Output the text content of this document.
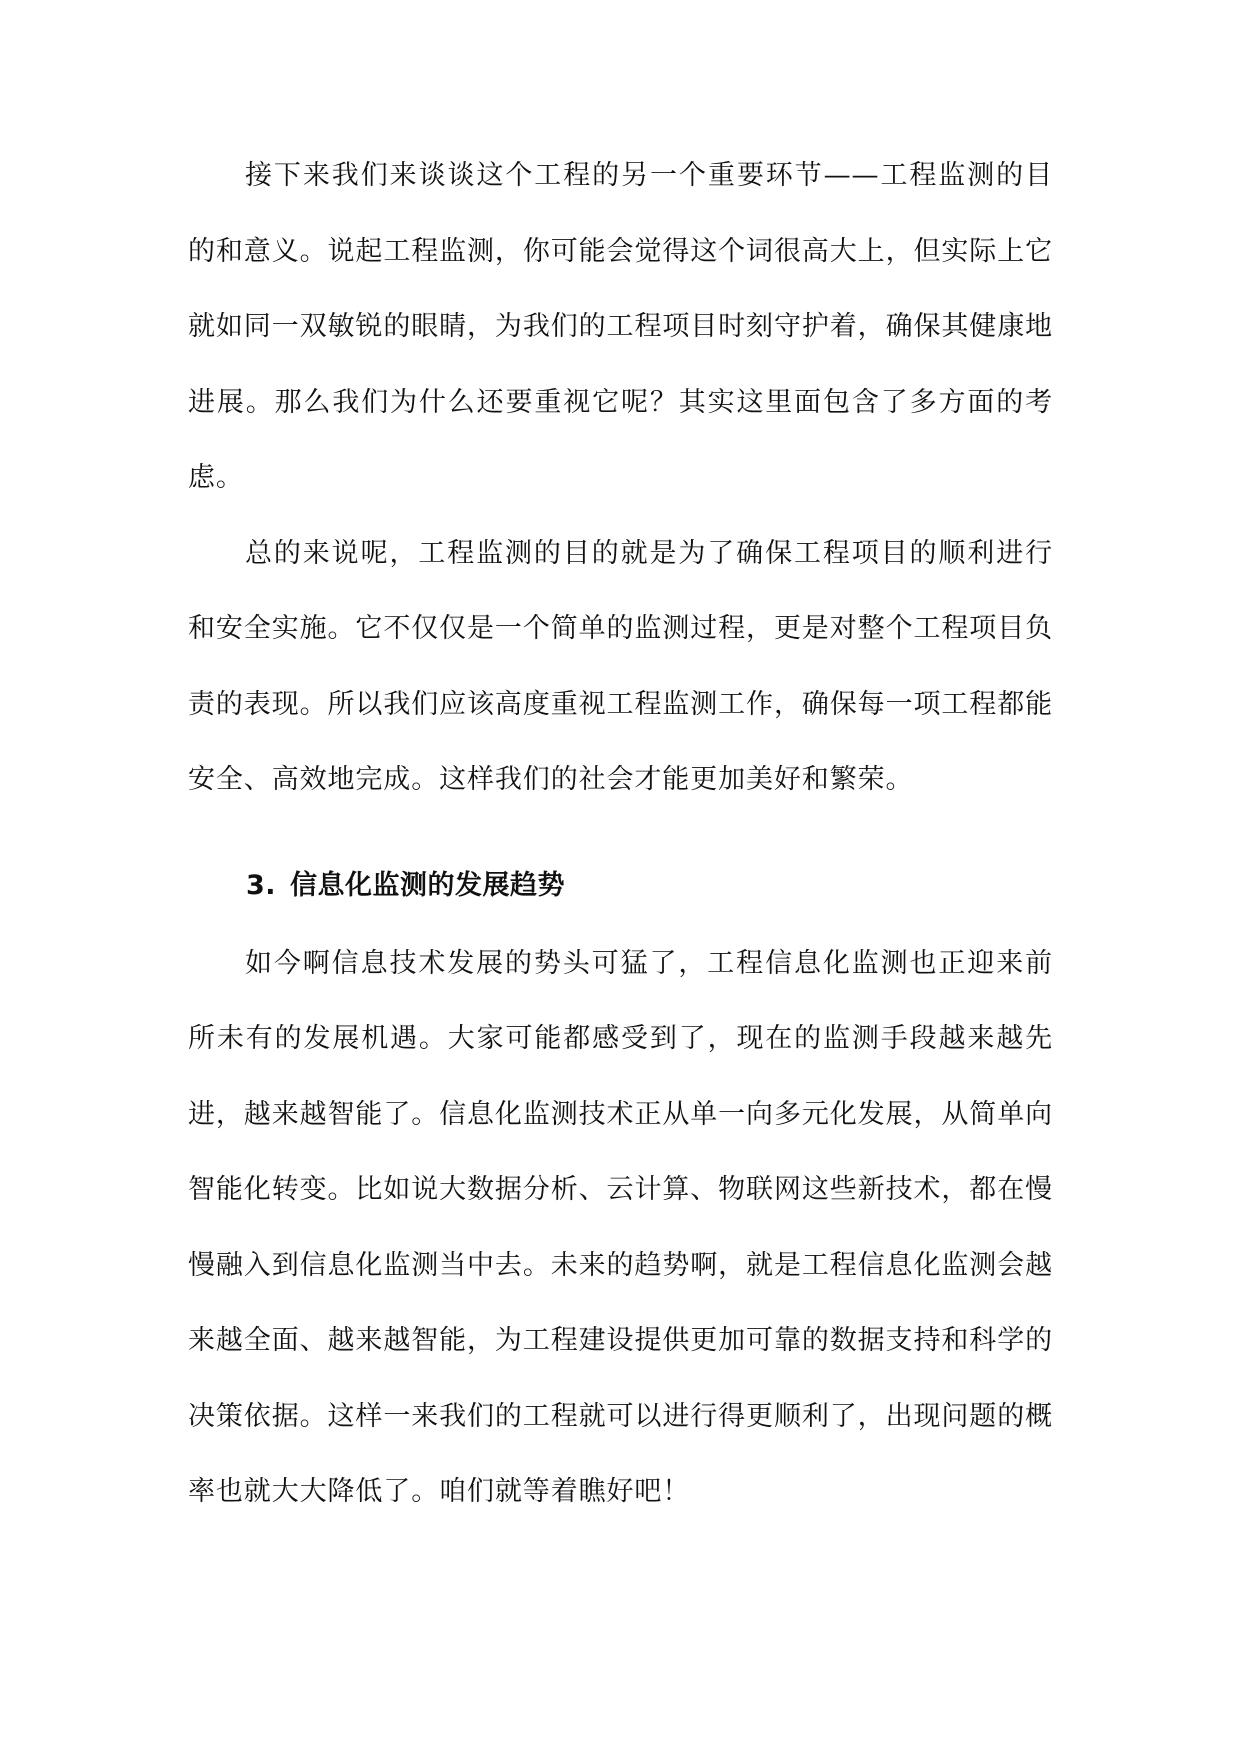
接下来我们来谈谈这个工程的另一个重要环节——工程监测的目的和意义。说起工程监测，你可能会觉得这个词很高大上，但实际上它就如同一双敏锐的眼睛，为我们的工程项目时刻守护着，确保其健康地进展。那么我们为什么还要重视它呢？其实这里面包含了多方面的考虑。

总的来说呢，工程监测的目的就是为了确保工程项目的顺利进行和安全实施。它不仅仅是一个简单的监测过程，更是对整个工程项目负责的表现。所以我们应该高度重视工程监测工作，确保每一项工程都能安全、高效地完成。这样我们的社会才能更加美好和繁荣。

3. 信息化监测的发展趋势

如今啊信息技术发展的势头可猛了，工程信息化监测也正迎来前所未有的发展机遇。大家可能都感受到了，现在的监测手段越来越先进，越来越智能了。信息化监测技术正从单一向多元化发展，从简单向智能化转变。比如说大数据分析、云计算、物联网这些新技术，都在慢慢融入到信息化监测当中去。未来的趋势啊，就是工程信息化监测会越来越全面、越来越智能，为工程建设提供更加可靠的数据支持和科学的决策依据。这样一来我们的工程就可以进行得更顺利了，出现问题的概率也就大大降低了。咱们就等着瞧好吧！
